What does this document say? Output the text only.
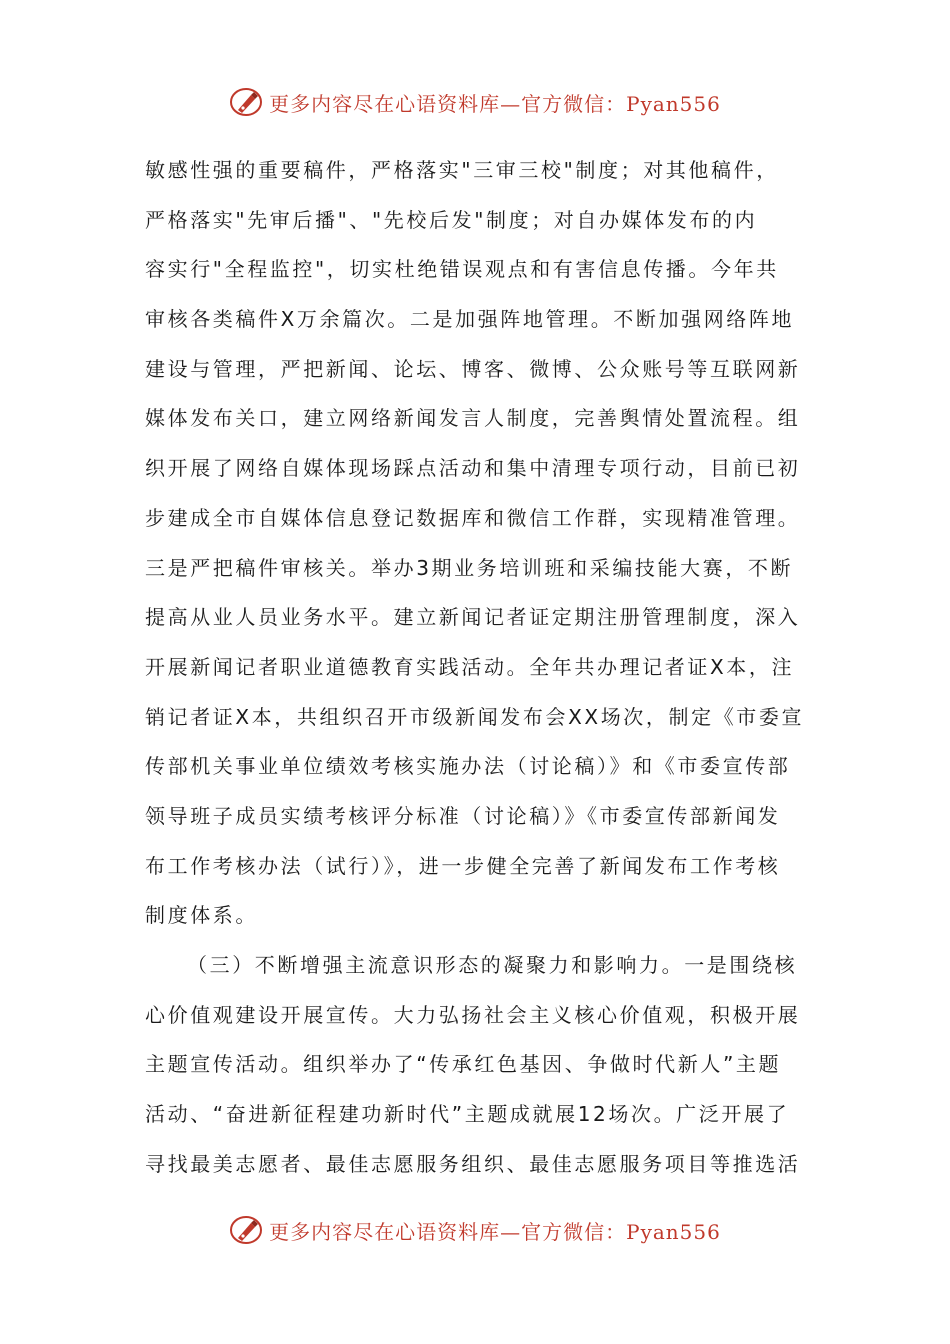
更多内容尽在心语资料库—官方微信：Pyan556
敏感性强的重要稿件，严格落实"三审三校"制度；对其他稿件，
严格落实"先审后播"、"先校后发"制度；对自办媒体发布的内
容实行"全程监控"，切实杜绝错误观点和有害信息传播。今年共
审核各类稿件X万余篇次。二是加强阵地管理。不断加强网络阵地
建设与管理，严把新闻、论坛、博客、微博、公众账号等互联网新
媒体发布关口，建立网络新闻发言人制度，完善舆情处置流程。组
织开展了网络自媒体现场踩点活动和集中清理专项行动，目前已初
步建成全市自媒体信息登记数据库和微信工作群，实现精准管理。
三是严把稿件审核关。举办3期业务培训班和采编技能大赛，不断
提高从业人员业务水平。建立新闻记者证定期注册管理制度，深入
开展新闻记者职业道德教育实践活动。全年共办理记者证X本，注
销记者证X本，共组织召开市级新闻发布会XX场次，制定《市委宣
传部机关事业单位绩效考核实施办法（讨论稿）》和《市委宣传部
领导班子成员实绩考核评分标准（讨论稿）》《市委宣传部新闻发
布工作考核办法（试行）》，进一步健全完善了新闻发布工作考核
制度体系。
（三）不断增强主流意识形态的凝聚力和影响力。一是围绕核
心价值观建设开展宣传。大力弘扬社会主义核心价值观，积极开展
主题宣传活动。组织举办了“传承红色基因、争做时代新人”主题
活动、“奋进新征程建功新时代”主题成就展12场次。广泛开展了
寻找最美志愿者、最佳志愿服务组织、最佳志愿服务项目等推选活
更多内容尽在心语资料库—官方微信：Pyan556
